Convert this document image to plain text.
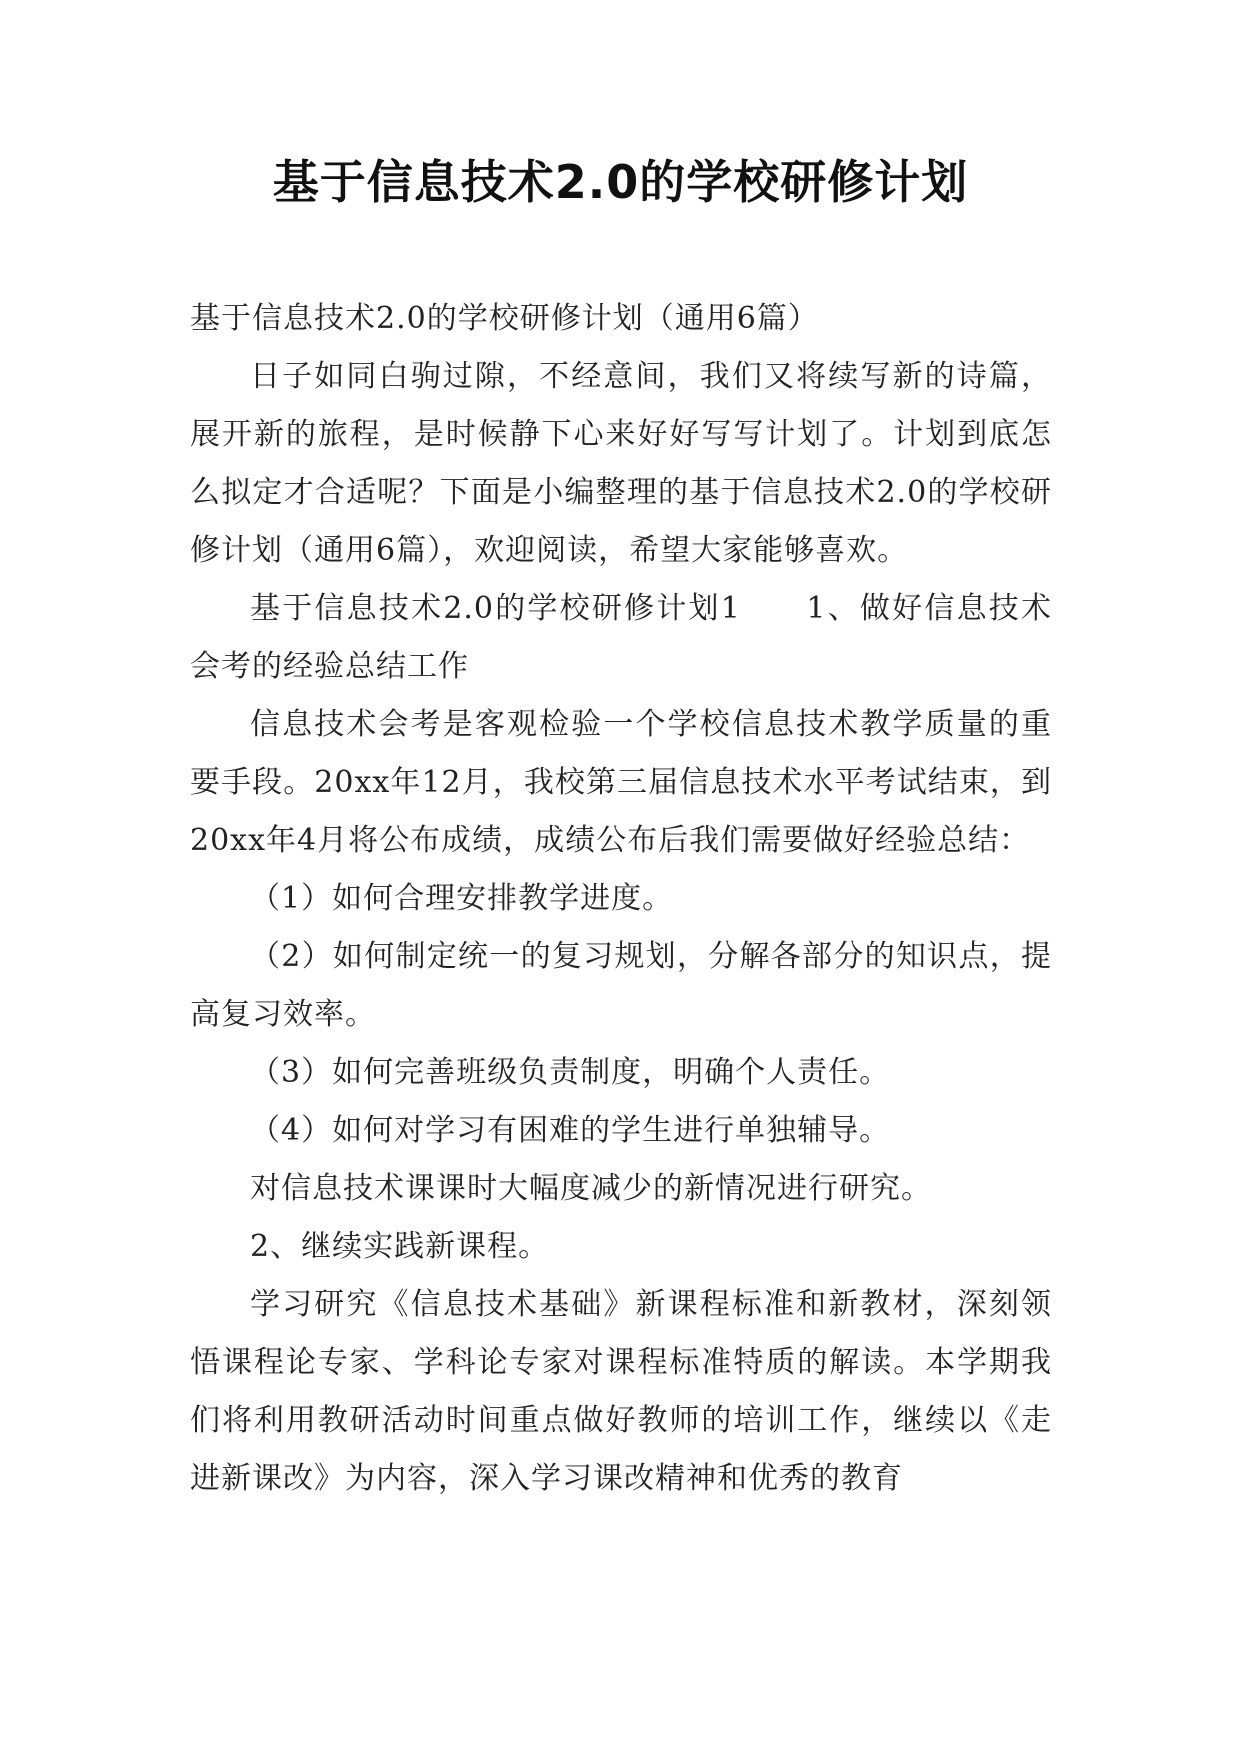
基于信息技术2.0的学校研修计划

基于信息技术2.0的学校研修计划（通用6篇）

日子如同白驹过隙，不经意间，我们又将续写新的诗篇，展开新的旅程，是时候静下心来好好写写计划了。计划到底怎么拟定才合适呢？下面是小编整理的基于信息技术2.0的学校研修计划（通用6篇），欢迎阅读，希望大家能够喜欢。

基于信息技术2.0的学校研修计划1　　1、做好信息技术会考的经验总结工作

信息技术会考是客观检验一个学校信息技术教学质量的重要手段。20xx年12月，我校第三届信息技术水平考试结束，到20xx年4月将公布成绩，成绩公布后我们需要做好经验总结：

（1）如何合理安排教学进度。

（2）如何制定统一的复习规划，分解各部分的知识点，提高复习效率。

（3）如何完善班级负责制度，明确个人责任。

（4）如何对学习有困难的学生进行单独辅导。

对信息技术课课时大幅度减少的新情况进行研究。

2、继续实践新课程。

学习研究《信息技术基础》新课程标准和新教材，深刻领悟课程论专家、学科论专家对课程标准特质的解读。本学期我们将利用教研活动时间重点做好教师的培训工作，继续以《走进新课改》为内容，深入学习课改精神和优秀的教育
